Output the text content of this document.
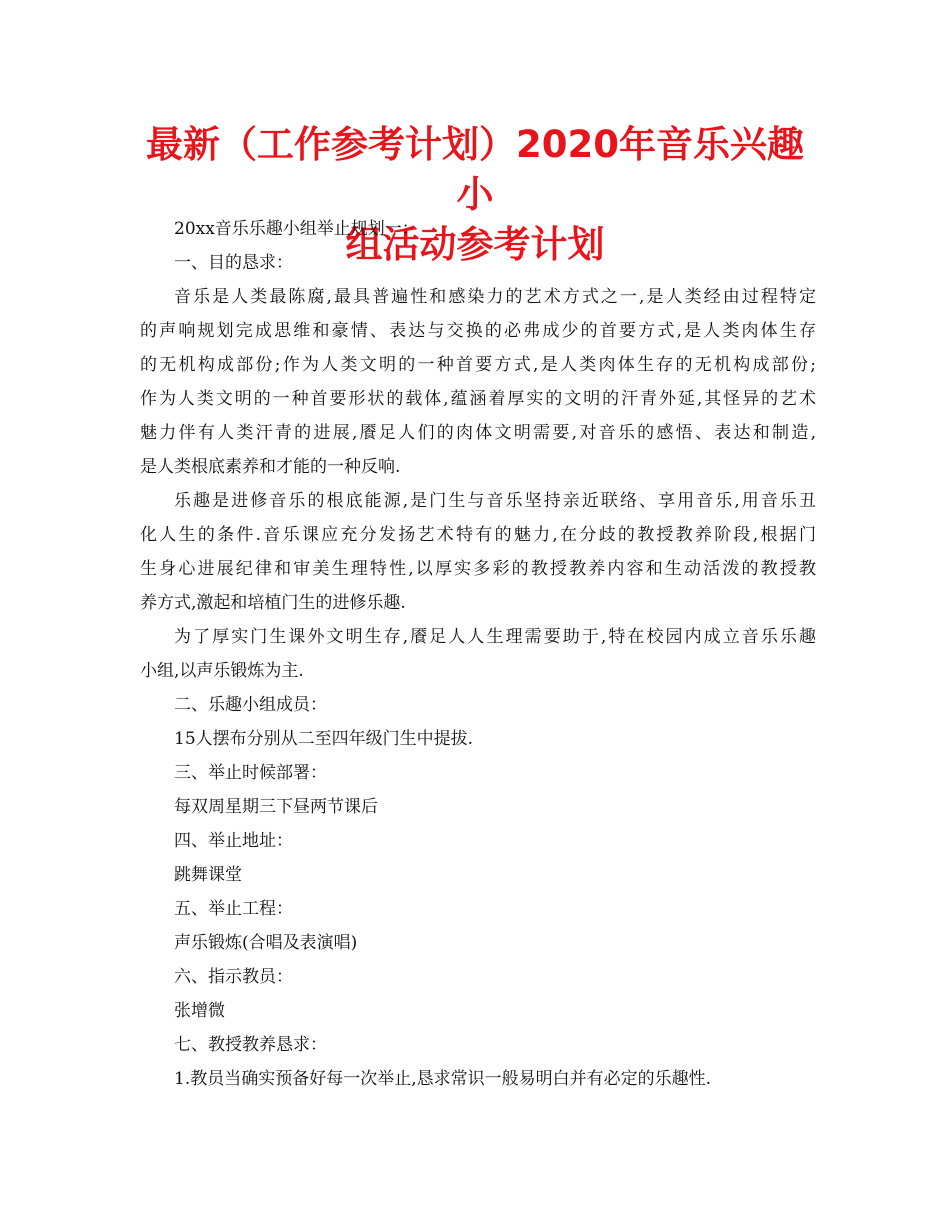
最新（工作参考计划）2020年音乐兴趣小
组活动参考计划
20xx音乐乐趣小组举止规划一：
一、目的恳求：
音乐是人类最陈腐,最具普遍性和感染力的艺术方式之一,是人类经由过程特定
的声响规划完成思维和豪情、表达与交换的必弗成少的首要方式,是人类肉体生存
的无机构成部份;作为人类文明的一种首要方式,是人类肉体生存的无机构成部份;
作为人类文明的一种首要形状的载体,蕴涵着厚实的文明的汗青外延,其怪异的艺术
魅力伴有人类汗青的进展,餍足人们的肉体文明需要,对音乐的感悟、表达和制造,
是人类根底素养和才能的一种反响.
乐趣是进修音乐的根底能源,是门生与音乐坚持亲近联络、享用音乐,用音乐丑
化人生的条件.音乐课应充分发扬艺术特有的魅力,在分歧的教授教养阶段,根据门
生身心进展纪律和审美生理特性,以厚实多彩的教授教养内容和生动活泼的教授教
养方式,激起和培植门生的进修乐趣.
为了厚实门生课外文明生存,餍足人人生理需要助于,特在校园内成立音乐乐趣
小组,以声乐锻炼为主.
二、乐趣小组成员：
15人摆布分别从二至四年级门生中提拔.
三、举止时候部署：
每双周星期三下昼两节课后
四、举止地址：
跳舞课堂
五、举止工程：
声乐锻炼(合唱及表演唱)
六、指示教员：
张增微
七、教授教养恳求：
1.教员当确实预备好每一次举止,恳求常识一般易明白并有必定的乐趣性.
